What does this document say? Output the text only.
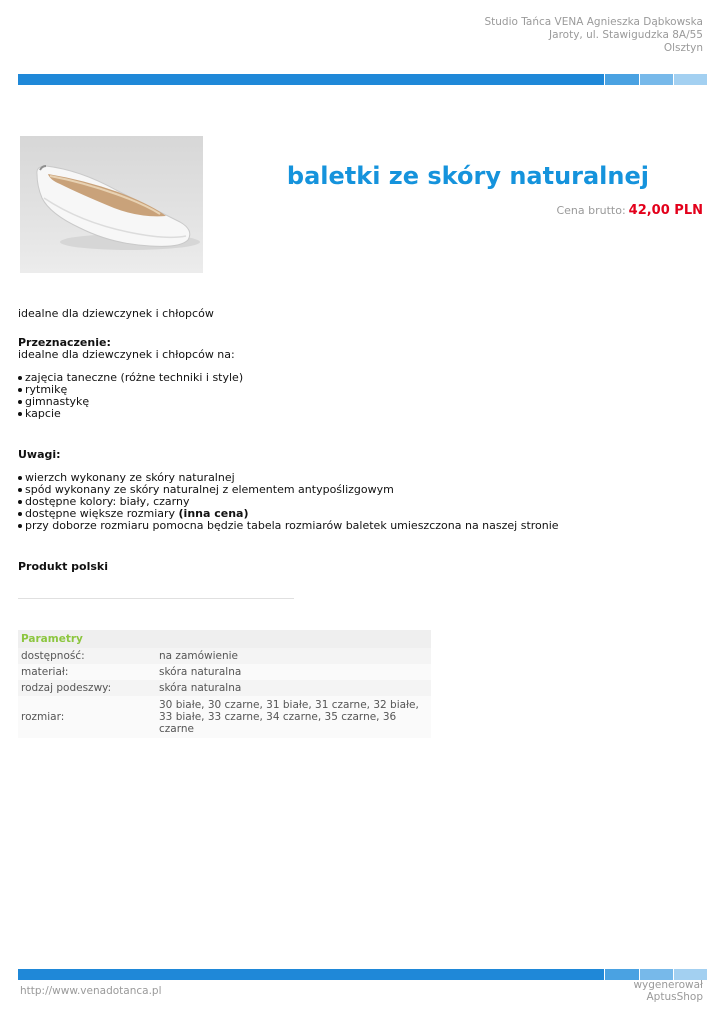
Studio Tańca VENA Agnieszka Dąbkowska
Jaroty, ul. Stawigudzka 8A/55
Olsztyn
baletki ze skóry naturalnej
Cena brutto: 42,00 PLN

idealne dla dziewczynek i chłopców

Przeznaczenie:

idealne dla dziewczynek i chłopców na:

zajęcia taneczne (różne techniki i style)
rytmikę
gimnastykę
kapcie

Uwagi:

wierzch wykonany ze skóry naturalnej
spód wykonany ze skóry naturalnej z elementem antypoślizgowym
dostępne kolory: biały, czarny
dostępne większe rozmiary (inna cena)
przy doborze rozmiaru pomocna będzie tabela rozmiarów baletek umieszczona na naszej stronie

Produkt polski

Parametry	
dostępność:	na zamówienie
materiał:	skóra naturalna
rodzaj podeszwy:	skóra naturalna
rozmiar:	30 białe, 30 czarne, 31 białe, 31 czarne, 32 białe, 33 białe, 33 czarne, 34 czarne, 35 czarne, 36 czarne
http://www.venadotanca.pl	wygenerował
AptusShop
